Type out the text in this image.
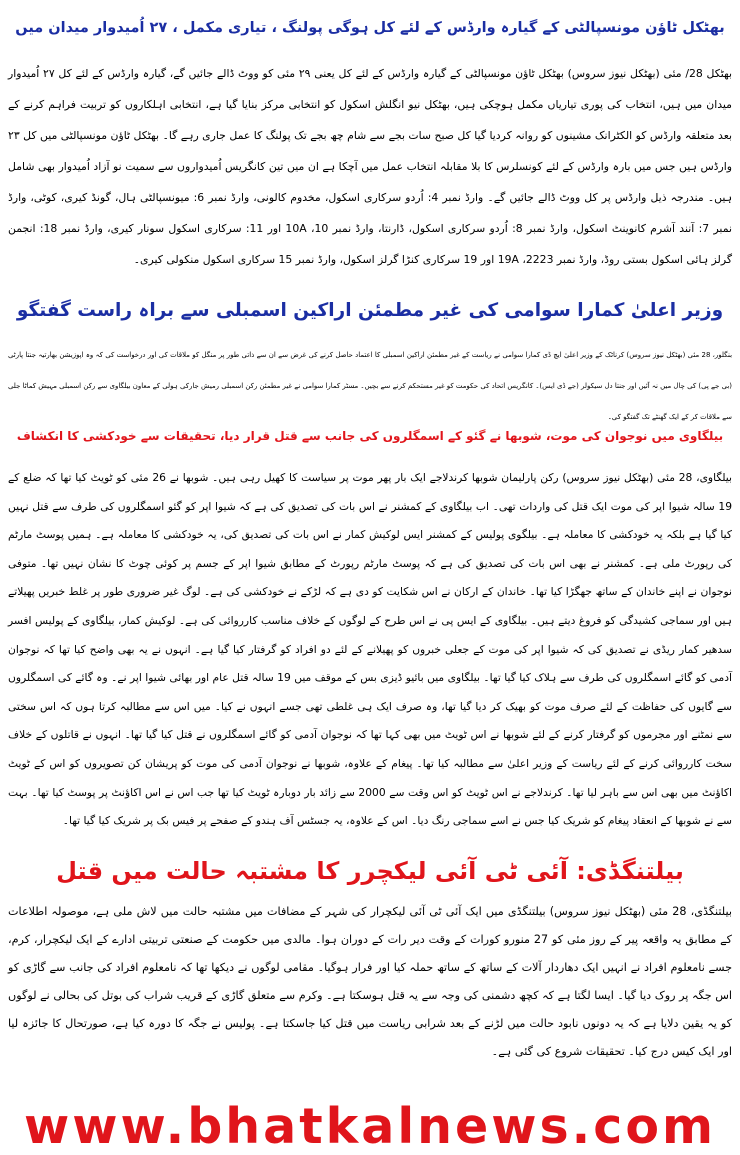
بھٹکل ٹاؤن مونسپالٹی کے گیارہ وارڈس کے لئے کل ہوگی پولنگ ، تیاری مکمل ، ۲۷ اُمیدوار میدان میں

بھٹکل 28/ مئی (بھٹکل نیوز سروس) بھٹکل ٹاؤن مونسپالٹی کے گیارہ وارڈس کے لئے کل یعنی ۲۹ مئی کو ووٹ ڈالے جائیں گے، گیارہ وارڈس کے لئے کل ۲۷ اُمیدوار میدان میں ہیں، انتخاب کی پوری تیاریاں مکمل ہوچکی ہیں، بھٹکل نیو انگلش اسکول کو انتخابی مرکز بنایا گیا ہے، انتخابی اہلکاروں کو تربیت فراہم کرنے کے بعد متعلقہ وارڈس کو الکٹرانک مشینوں کو روانہ کردیا گیا کل صبح سات بجے سے شام چھ بجے تک پولنگ کا عمل جاری رہے گا۔ بھٹکل ٹاؤن مونسپالٹی میں کل ۲۳ وارڈس ہیں جس میں بارہ وارڈس کے لئے کونسلرس کا بلا مقابلہ انتخاب عمل میں آچکا ہے ان میں تین کانگریس اُمیدواروں سے سمیت نو آزاد اُمیدوار بھی شامل ہیں۔ مندرجہ ذیل وارڈس پر کل ووٹ ڈالے جائیں گے۔ وارڈ نمبر 4: اُردو سرکاری اسکول، مخدوم کالونی، وارڈ نمبر 6: میونسپالٹی ہال، گونڈ کیری، کوٹی، وارڈ نمبر 7: آنند آشرم کانوینٹ اسکول، وارڈ نمبر 8: اُردو سرکاری اسکول، ڈارنتا، وارڈ نمبر 10، 10A اور 11: سرکاری اسکول سونار کیری، وارڈ نمبر 18: انجمن گرلز ہائی اسکول بستی روڈ، وارڈ نمبر 19A ،2223 اور 19 سرکاری کنڑا گرلز اسکول، وارڈ نمبر 15 سرکاری اسکول منکولی کیری۔

وزیر اعلیٰ کمارا سوامی کی غیر مطمئن اراکین اسمبلی سے براہ راست گفتگو

بنگلور، 28 مئی (بھٹکل نیوز سروس) کرناٹک کے وزیر اعلیٰ ایچ ڈی کمارا سوامی نے ریاست کے غیر مطمئن اراکین اسمبلی کا اعتماد حاصل کرنے کی غرض سے ان سے ذاتی طور پر منگل کو ملاقات کی اور درخواست کی کہ وہ اپوزیشن بھارتیہ جنتا پارٹی (بی جے پی) کی چال میں نہ آئیں اور جنتا دل سیکولر (جے ڈی ایس)۔ کانگریس اتحاد کی حکومت کو غیر مستحکم کرنے سے بچیں۔ مسٹر کمارا سوامی نے غیر مطمئن رکن اسمبلی رمیش جارکی ہولی کے معاون بیلگاوی سے رکن اسمبلی مہیش کماٹا جلی سے ملاقات کر کے ایک گھنٹے تک گفتگو کی۔

بیلگاوی میں نوجوان کی موت، شوبھا نے گئو کے اسمگلروں کی جانب سے قتل قرار دیا، تحقیقات سے خودکشی کا انکشاف

بیلگاوی، 28 مئی (بھٹکل نیوز سروس) رکن پارلیمان شوبھا کرندلاجے ایک بار پھر موت پر سیاست کا کھیل رہی ہیں۔ شوبھا نے 26 مئی کو ٹویٹ کیا تھا کہ ضلع کے 19 سالہ شیوا اپر کی موت ایک قتل کی واردات تھی۔ اب بیلگاوی کے کمشنر نے اس بات کی تصدیق کی ہے کہ شیوا اپر کو گئو اسمگلروں کی طرف سے قتل نہیں کیا گیا ہے بلکہ یہ خودکشی کا معاملہ ہے۔ بیلگوی پولیس کے کمشنر ایس لوکیش کمار نے اس بات کی تصدیق کی، یہ خودکشی کا معاملہ ہے۔ ہمیں پوسٹ مارٹم کی رپورٹ ملی ہے۔ کمشنر نے بھی اس بات کی تصدیق کی ہے کہ پوسٹ مارٹم رپورٹ کے مطابق شیوا اپر کے جسم پر کوئی چوٹ کا نشان نہیں تھا۔ متوفی نوجوان نے اپنے خاندان کے ساتھ جھگڑا کیا تھا۔ خاندان کے ارکان نے اس شکایت کو دی ہے کہ لڑکے نے خودکشی کی ہے۔ لوگ غیر ضروری طور پر غلط خبریں پھیلاتے ہیں اور سماجی کشیدگی کو فروغ دیتے ہیں۔ بیلگاوی کے ایس پی نے اس طرح کے لوگوں کے خلاف مناسب کارروائی کی ہے۔ لوکیش کمار، بیلگاوی کے پولیس افسر سدھیر کمار ریڈی نے تصدیق کی کہ شیوا اپر کی موت کے جعلی خبروں کو پھیلانے کے لئے دو افراد کو گرفتار کیا گیا ہے۔ انہوں نے یہ بھی واضح کیا تھا کہ نوجوان آدمی کو گائے اسمگلروں کی طرف سے ہلاک کیا گیا تھا۔ بیلگاوی میں بائیو ڈیزی بس کے موقف میں 19 سالہ قتل عام اور بھائی شیوا اپر نے۔ وہ گائے کی اسمگلروں سے گایوں کی حفاظت کے لئے صرف موت کو بھیک کر دیا گیا تھا، وہ صرف ایک ہی غلطی تھی جسے انہوں نے کیا۔ میں اس سے مطالبہ کرتا ہوں کہ اس سختی سے نمٹنے اور مجرموں کو گرفتار کرنے کے لئے شوبھا نے اس ٹویٹ میں بھی کہا تھا کہ نوجوان آدمی کو گائے اسمگلروں نے قتل کیا گیا تھا۔ انہوں نے قاتلوں کے خلاف سخت کارروائی کرنے کے لئے ریاست کے وزیر اعلیٰ سے مطالبہ کیا تھا۔ پیغام کے علاوہ، شوبھا نے نوجوان آدمی کی موت کو پریشان کن تصویروں کو اس کے ٹویٹ اکاؤنٹ میں بھی اس سے باہر لیا تھا۔ کرندلاجے نے اس ٹویٹ کو اس وقت سے 2000 سے زائد بار دوبارہ ٹویٹ کیا تھا جب اس نے اس اکاؤنٹ پر پوسٹ کیا تھا۔ بہت سے نے شوبھا کے انعقاد پیغام کو شریک کیا جس نے اسے سماجی رنگ دیا۔ اس کے علاوہ، یہ جسٹس آف ہندو کے صفحے پر فیس بک پر شریک کیا گیا تھا۔

بیلتنگڈی: آئی ٹی آئی لیکچرر کا مشتبہ حالت میں قتل

بیلتنگڈی، 28 مئی (بھٹکل نیوز سروس) بیلتنگڈی میں ایک آئی ٹی آئی لیکچرار کی شہر کے مضافات میں مشتبہ حالت میں لاش ملی ہے، موصولہ اطلاعات کے مطابق یہ واقعہ پیر کے روز مئی کو 27 منورو کورات کے وقت دیر رات کے دوران ہوا۔ مالدی میں حکومت کے صنعتی تربیتی ادارے کے ایک لیکچرار، کرم، جسے نامعلوم افراد نے انہیں ایک دھاردار آلات کے ساتھ کے ساتھ حملہ کیا اور فرار ہوگیا۔ مقامی لوگوں نے دیکھا تھا کہ نامعلوم افراد کی جانب سے گاڑی کو اس جگہ پر روک دیا گیا۔ ایسا لگتا ہے کہ کچھ دشمنی کی وجہ سے یہ قتل ہوسکتا ہے۔ وکرم سے متعلق گاڑی کے قریب شراب کی بوتل کی بحالی نے لوگوں کو یہ یقین دلایا ہے کہ یہ دونوں نابود حالت میں لڑنے کے بعد شرابی ریاست میں قتل کیا جاسکتا ہے۔ پولیس نے جگہ کا دورہ کیا ہے، صورتحال کا جائزہ لیا اور ایک کیس درج کیا۔ تحقیقات شروع کی گئی ہے۔

www.bhatkalnews.com
